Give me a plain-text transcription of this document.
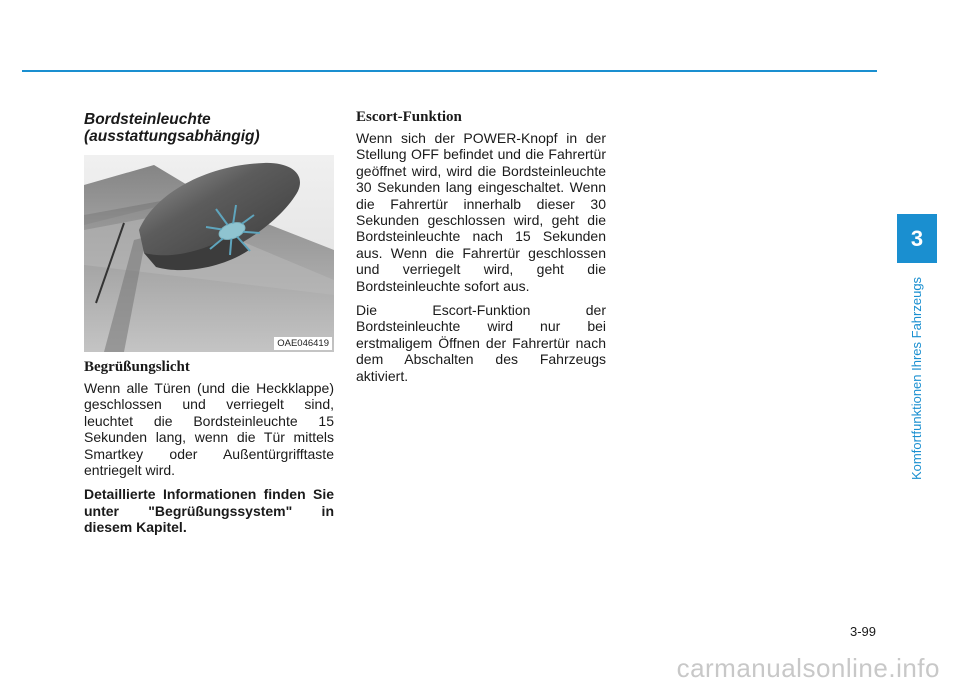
Bordsteinleuchte
(ausstattungsabhängig)
OAE046419
Begrüßungslicht

Wenn alle Türen (und die Heckklappe) geschlossen und verriegelt sind, leuchtet die Bordsteinleuchte 15 Sekunden lang, wenn die Tür mittels Smartkey oder Außentürgrifftaste entriegelt wird.

Detaillierte Informationen finden Sie unter "Begrüßungssystem" in diesem Kapitel.

Escort-Funktion

Wenn sich der POWER-Knopf in der Stellung OFF befindet und die Fahrertür geöffnet wird, wird die Bordsteinleuchte 30 Sekunden lang eingeschaltet. Wenn die Fahrertür innerhalb dieser 30 Sekunden geschlossen wird, geht die Bordsteinleuchte nach 15 Sekunden aus. Wenn die Fahrertür geschlossen und verriegelt wird, geht die Bordsteinleuchte sofort aus.

Die Escort-Funktion der Bordsteinleuchte wird nur bei erstmaligem Öffnen der Fahrertür nach dem Abschalten des Fahrzeugs aktiviert.

3
Komfortfunktionen Ihres Fahrzeugs
3-99
carmanualsonline.info
